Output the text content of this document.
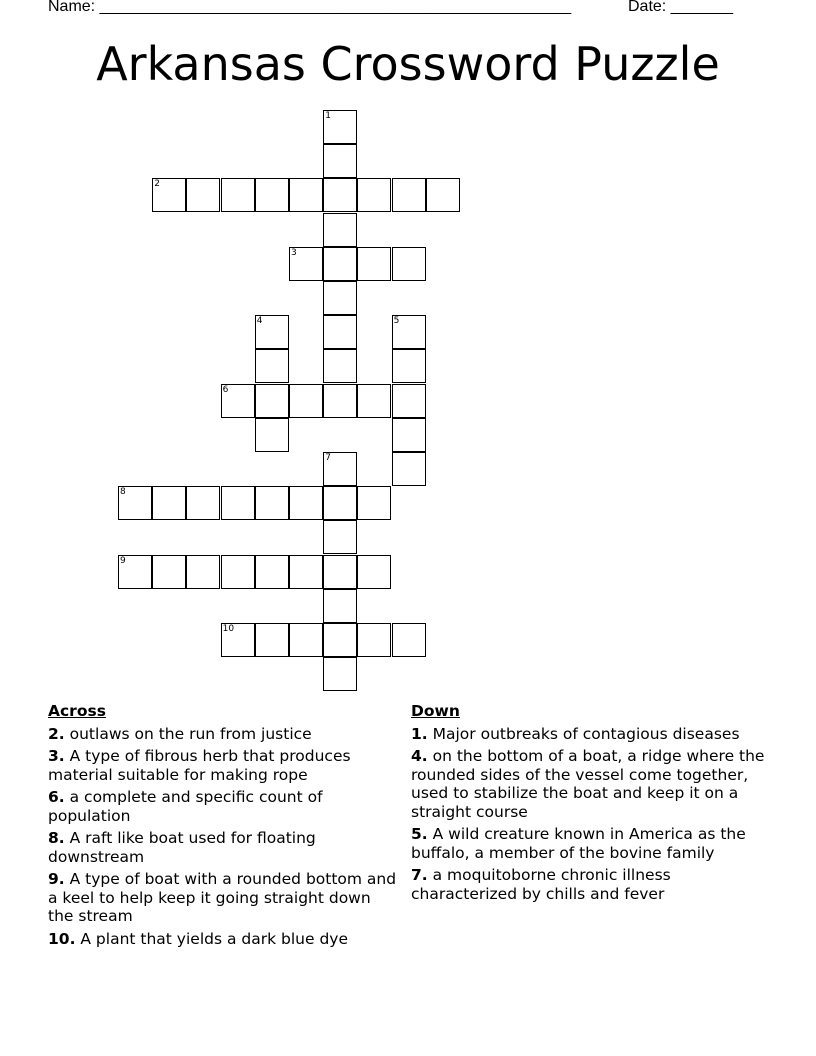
Name: _____________________________________________________	Date: _______
Arkansas Crossword Puzzle
1
2
3
4	5
6
7
8
9
10
Across
2. outlaws on the run from justice
3. A type of fibrous herb that produces material suitable for making rope
6. a complete and specific count of population
8. A raft like boat used for floating downstream
9. A type of boat with a rounded bottom and a keel to help keep it going straight down the stream
10. A plant that yields a dark blue dye
Down
1. Major outbreaks of contagious diseases
4. on the bottom of a boat, a ridge where the rounded sides of the vessel come together, used to stabilize the boat and keep it on a straight course
5. A wild creature known in America as the buffalo, a member of the bovine family
7. a moquitoborne chronic illness characterized by chills and fever
